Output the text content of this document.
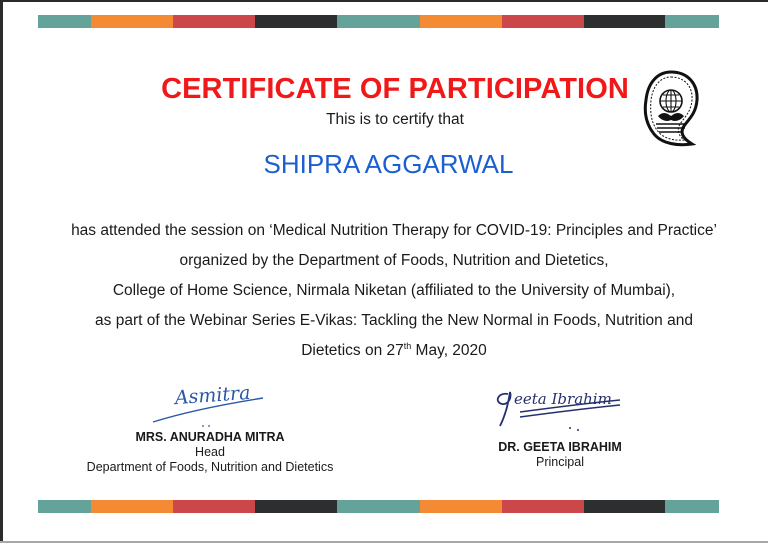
CERTIFICATE OF PARTICIPATION
This is to certify that
SHIPRA AGGARWAL
has attended the session on ‘Medical Nutrition Therapy for COVID-19: Principles and Practice’
organized by the Department of Foods, Nutrition and Dietetics,
College of Home Science, Nirmala Niketan (affiliated to the University of Mumbai),
as part of the Webinar Series E-Vikas: Tackling the New Normal in Foods, Nutrition and
Dietetics on 27th May, 2020
Asmitra
MRS. ANURADHA MITRA
Head
Department of Foods, Nutrition and Dietetics
eeta Ibrahim
DR. GEETA IBRAHIM
Principal
